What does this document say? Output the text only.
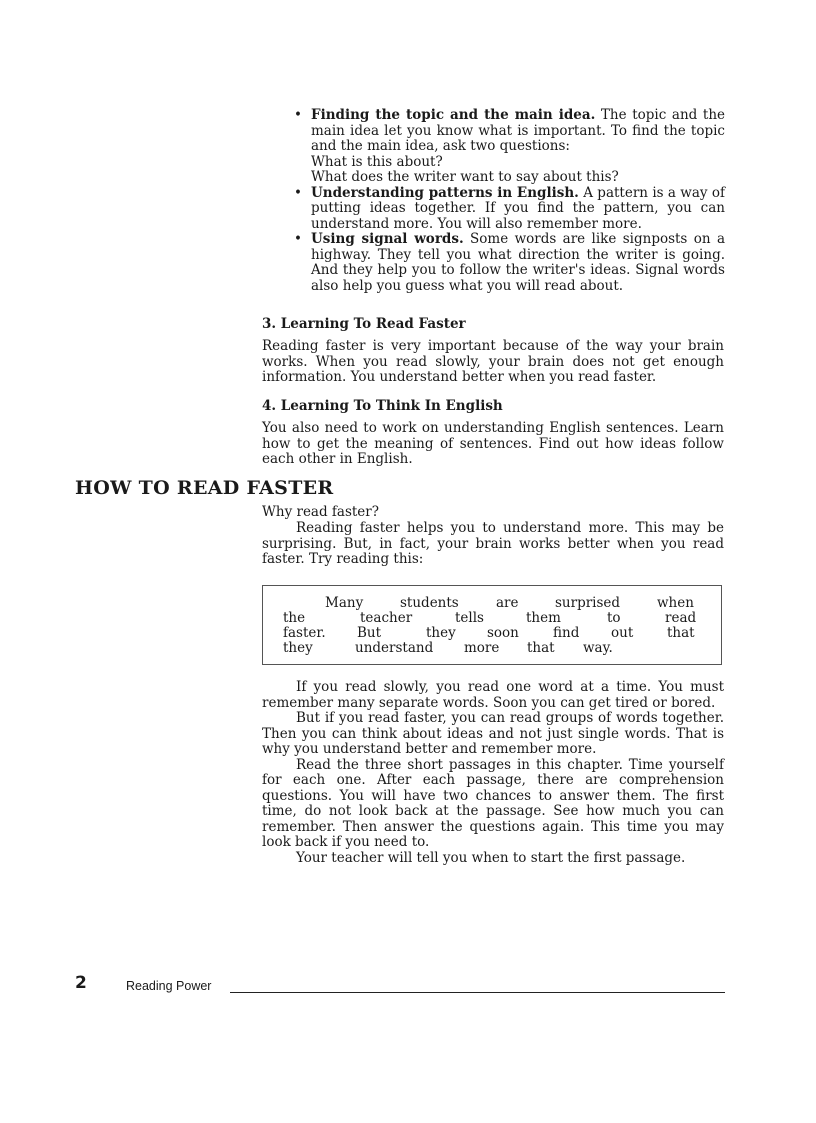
• Finding the topic and the main idea. The topic and the main idea let you know what is important. To find the topic and the main idea, ask two questions:

What is this about?

What does the writer want to say about this?

• Understanding patterns in English. A pattern is a way of putting ideas together. If you find the pattern, you can understand more. You will also remember more.

• Using signal words. Some words are like signposts on a highway. They tell you what direction the writer is going. And they help you to follow the writer's ideas. Signal words also help you guess what you will read about.

3. Learning To Read Faster

Reading faster is very important because of the way your brain works. When you read slowly, your brain does not get enough information. You understand better when you read faster.

4. Learning To Think In English

You also need to work on understanding English sentences. Learn how to get the meaning of sentences. Find out how ideas follow each other in English.

HOW TO READ FASTER

Why read faster?

Reading faster helps you to understand more. This may be surprising. But, in fact, your brain works better when you read faster. Try reading this:

Many	students	are	surprised	when
the	teacher	tells	them	to	read
faster. But	they soon	find out	that
they	understand more that way.

If you read slowly, you read one word at a time. You must remember many separate words. Soon you can get tired or bored.

But if you read faster, you can read groups of words together. Then you can think about ideas and not just single words. That is why you understand better and remember more.

Read the three short passages in this chapter. Time yourself for each one. After each passage, there are comprehension questions. You will have two chances to answer them. The first time, do not look back at the passage. See how much you can remember. Then answer the questions again. This time you may look back if you need to.

Your teacher will tell you when to start the first passage.

2	Reading Power
